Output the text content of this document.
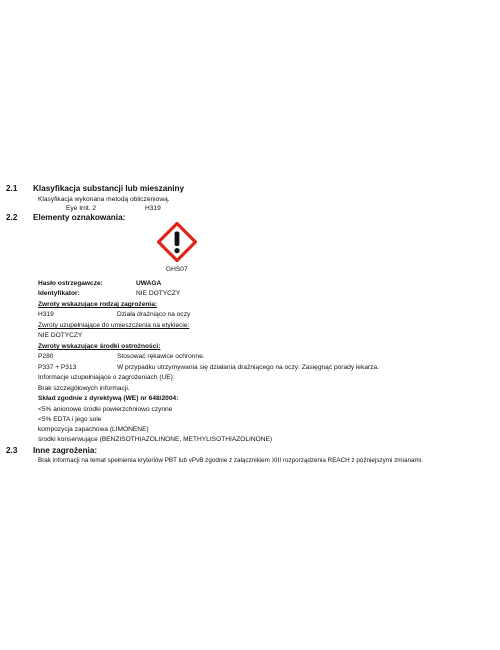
2.1 Klasyfikacja substancji lub mieszaniny
Klasyfikacja wykonana metodą obliczeniową.
Eye Irrit. 2	H319
2.2 Elementy oznakowania:
GHS07
Hasło ostrzegawcze:	UWAGA
Identyfikator:	NIE DOTYCZY
Zwroty wskazujące rodzaj zagrożenia:
H319	Działa drażniąco na oczy
Zwroty uzupełniające do umieszczenia na etykiecie:
NIE DOTYCZY
Zwroty wskazujące środki ostrożności:
P280	Stosować rękawice ochronne.
P337 + P313	W przypadku utrzymywania się działania drażniącego na oczy: Zasięgnąć porady lekarza.
Informacje uzupełniające o zagrożeniach (UE):
Brak szczegółowych informacji.
Skład zgodnie z dyrektywą (WE) nr 648/2004:
<5% anionowe środki powierzchniowo czynne
<5% EDTA i jego sole
kompozycja zapachowa (LIMONENE)
środki konserwujące (BENZISOTHIAZOLINONE, METHYLISOTHIAZOLINONE)
2.3 Inne zagrożenia:
Brak informacji na temat spełnienia kryteriów PBT lub vPvB zgodnie z załącznikiem XIII rozporządzenia REACH z późniejszymi zmianami.
